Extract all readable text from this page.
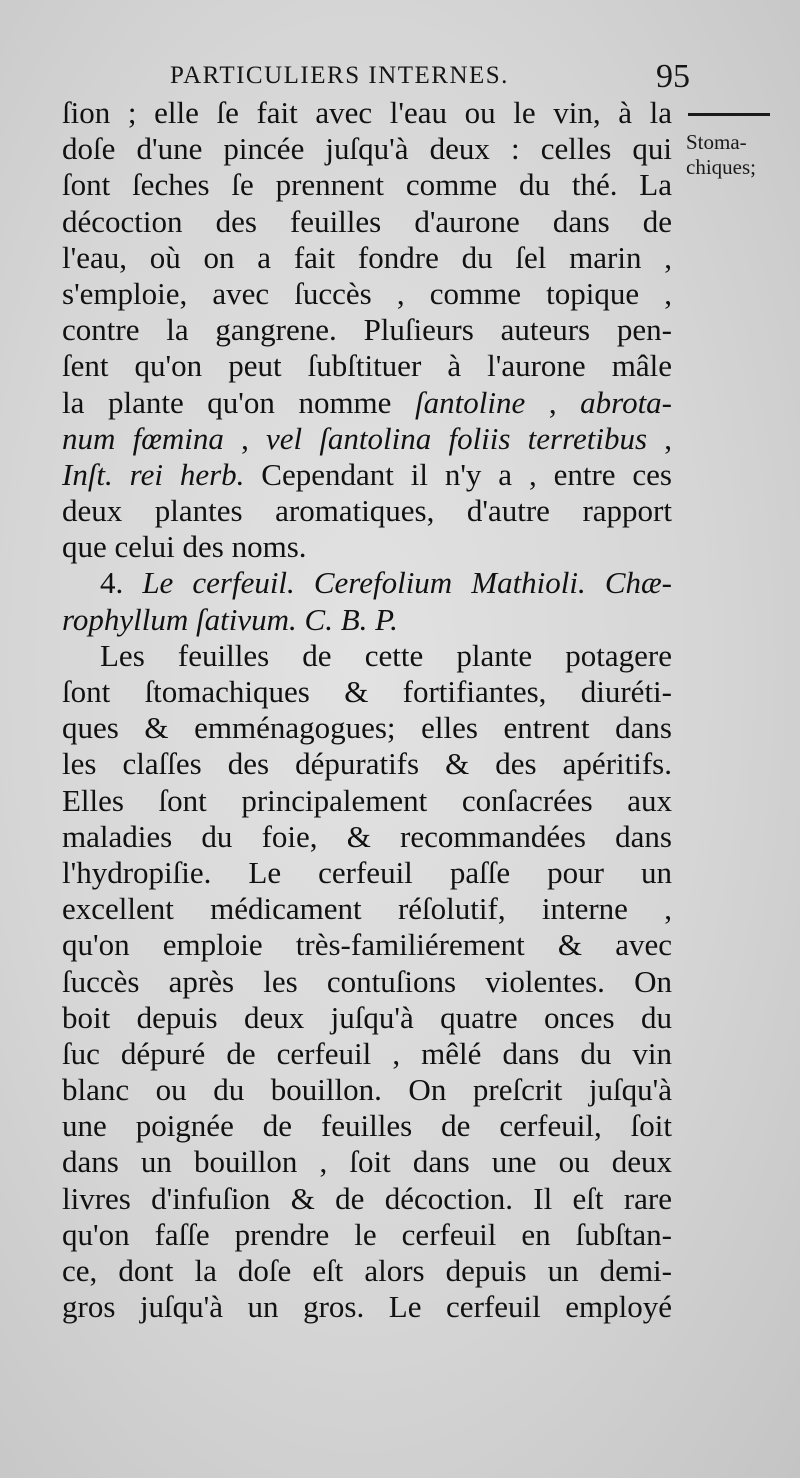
PARTICULIERS INTERNES.	95
Stoma-
chiques;
ſion ; elle ſe fait avec l'eau ou le vin, à la
doſe d'une pincée juſqu'à deux : celles qui
ſont ſeches ſe prennent comme du thé. La
décoction des feuilles d'aurone dans de
l'eau, où on a fait fondre du ſel marin ,
s'emploie, avec ſuccès , comme topique ,
contre la gangrene. Pluſieurs auteurs pen-
ſent qu'on peut ſubſtituer à l'aurone mâle
la plante qu'on nomme ſantoline , abrota-
num fœmina , vel ſantolina foliis terretibus ,
Inſt. rei herb. Cependant il n'y a , entre ces
deux plantes aromatiques, d'autre rapport
que celui des noms.
4. Le cerfeuil. Cerefolium Mathioli. Chæ-
rophyllum ſativum. C. B. P.
Les feuilles de cette plante potagere
ſont ſtomachiques & fortifiantes, diuréti-
ques & emménagogues; elles entrent dans
les claſſes des dépuratifs & des apéritifs.
Elles ſont principalement conſacrées aux
maladies du foie, & recommandées dans
l'hydropiſie. Le cerfeuil paſſe pour un
excellent médicament réſolutif, interne ,
qu'on emploie très-familiérement & avec
ſuccès après les contuſions violentes. On
boit depuis deux juſqu'à quatre onces du
ſuc dépuré de cerfeuil , mêlé dans du vin
blanc ou du bouillon. On preſcrit juſqu'à
une poignée de feuilles de cerfeuil, ſoit
dans un bouillon , ſoit dans une ou deux
livres d'infuſion & de décoction. Il eſt rare
qu'on faſſe prendre le cerfeuil en ſubſtan-
ce, dont la doſe eſt alors depuis un demi-
gros juſqu'à un gros. Le cerfeuil employé
